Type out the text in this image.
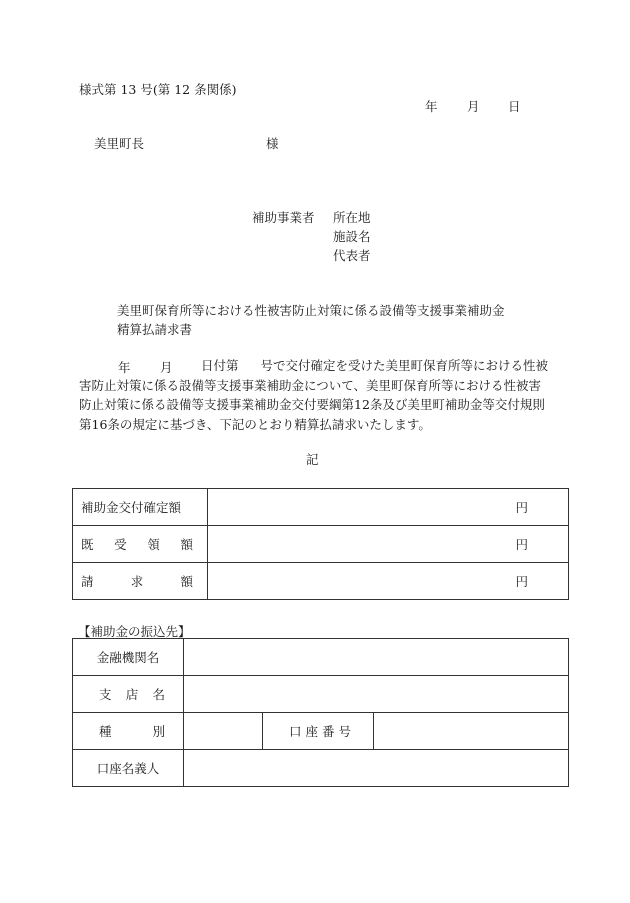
様式第 13 号(第 12 条関係)
年 月 日
美里町長	様
補助事業者 所在地
施設名
代表者
美里町保育所等における性被害防止対策に係る設備等支援事業補助金
精算払請求書
年 月	日付第 号で交付確定を受けた美里町保育所等における性被害防止対策に係る設備等支援事業補助金について、美里町保育所等における性被害防止対策に係る設備等支援事業補助金交付要綱第12条及び美里町補助金等交付規則第16条の規定に基づき、下記のとおり精算払請求いたします。
記
補助金交付確定額	円

既 受 領 額	円

請 求 額	円
【補助金の振込先】
金融機関名			

支 店 名			

種 別		口 座 番 号	

口座名義人			
